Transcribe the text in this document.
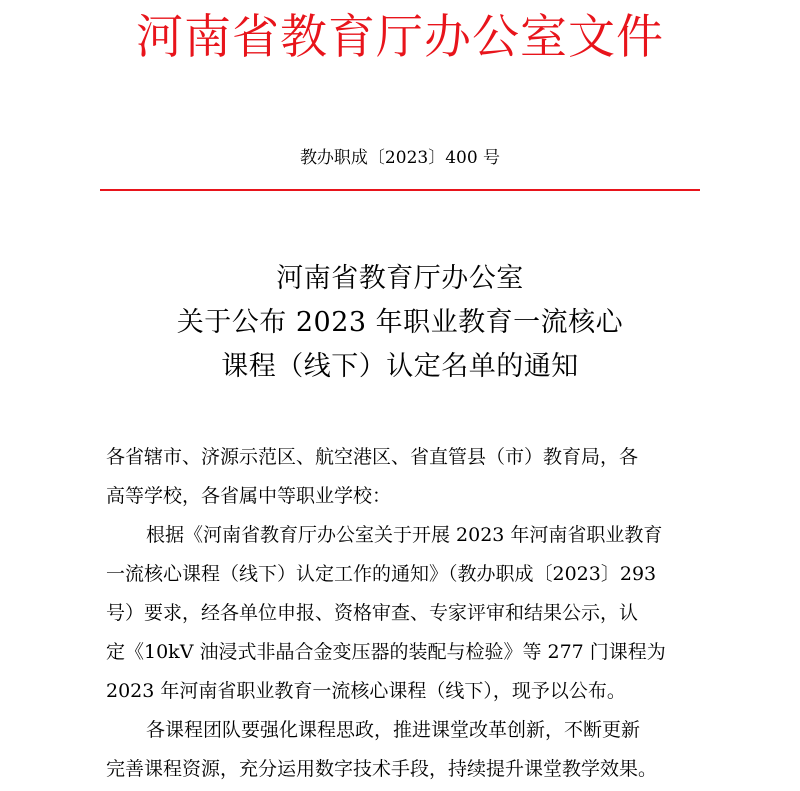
河南省教育厅办公室文件
教办职成〔2023〕400 号
河南省教育厅办公室
关于公布 2023 年职业教育一流核心
课程（线下）认定名单的通知
各省辖市、济源示范区、航空港区、省直管县（市）教育局，各
高等学校，各省属中等职业学校：
根据《河南省教育厅办公室关于开展 2023 年河南省职业教育
一流核心课程（线下）认定工作的通知》（教办职成〔2023〕293
号）要求，经各单位申报、资格审查、专家评审和结果公示，认
定《10kV 油浸式非晶合金变压器的装配与检验》等 277 门课程为
2023 年河南省职业教育一流核心课程（线下），现予以公布。
各课程团队要强化课程思政，推进课堂改革创新，不断更新
完善课程资源，充分运用数字技术手段，持续提升课堂教学效果。
